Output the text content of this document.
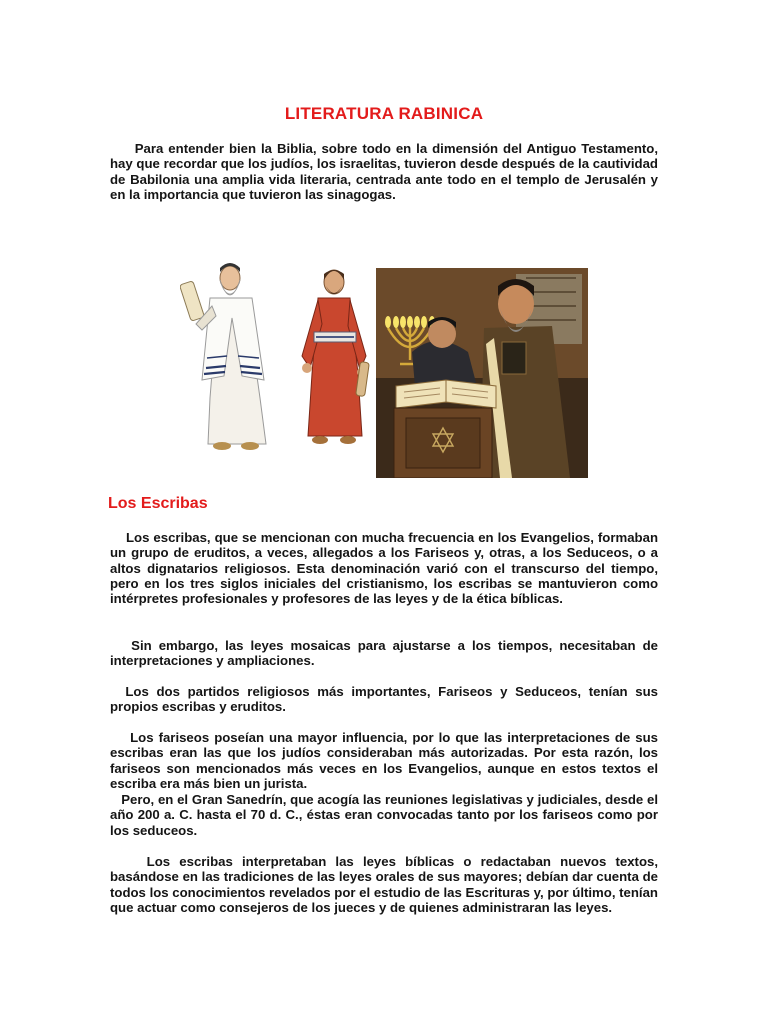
LITERATURA RABINICA

Para entender bien la Biblia, sobre todo en la dimensión del Antiguo Testamento, hay que recordar que los judíos, los israelitas, tuvieron desde después de la cautividad de Babilonia una amplia vida literaria, centrada ante todo en el templo de Jerusalén y en la importancia que tuvieron las sinagogas.

Los Escribas

Los escribas, que se mencionan con mucha frecuencia en los Evangelios, formaban un grupo de eruditos, a veces, allegados a los Fariseos y, otras, a los Seduceos, o a altos dignatarios religiosos. Esta denominación varió con el transcurso del tiempo, pero en los tres siglos iniciales del cristianismo, los escribas se mantuvieron como intérpretes profesionales y profesores de las leyes y de la ética bíblicas.

Sin embargo, las leyes mosaicas para ajustarse a los tiempos, necesitaban de interpretaciones y ampliaciones.

Los dos partidos religiosos más importantes, Fariseos y Seduceos, tenían sus propios escribas y eruditos.

Los fariseos poseían una mayor influencia, por lo que las interpretaciones de sus escribas eran las que los judíos consideraban más autorizadas. Por esta razón, los fariseos son mencionados más veces en los Evangelios, aunque en estos textos el escriba era más bien un jurista.

Pero, en el Gran Sanedrín, que acogía las reuniones legislativas y judiciales, desde el año 200 a. C. hasta el 70 d. C., éstas eran convocadas tanto por los fariseos como por los seduceos.

Los escribas interpretaban las leyes bíblicas o redactaban nuevos textos, basándose en las tradiciones de las leyes orales de sus mayores; debían dar cuenta de todos los conocimientos revelados por el estudio de las Escrituras y, por último, tenían que actuar como consejeros de los jueces y de quienes administraran las leyes.
